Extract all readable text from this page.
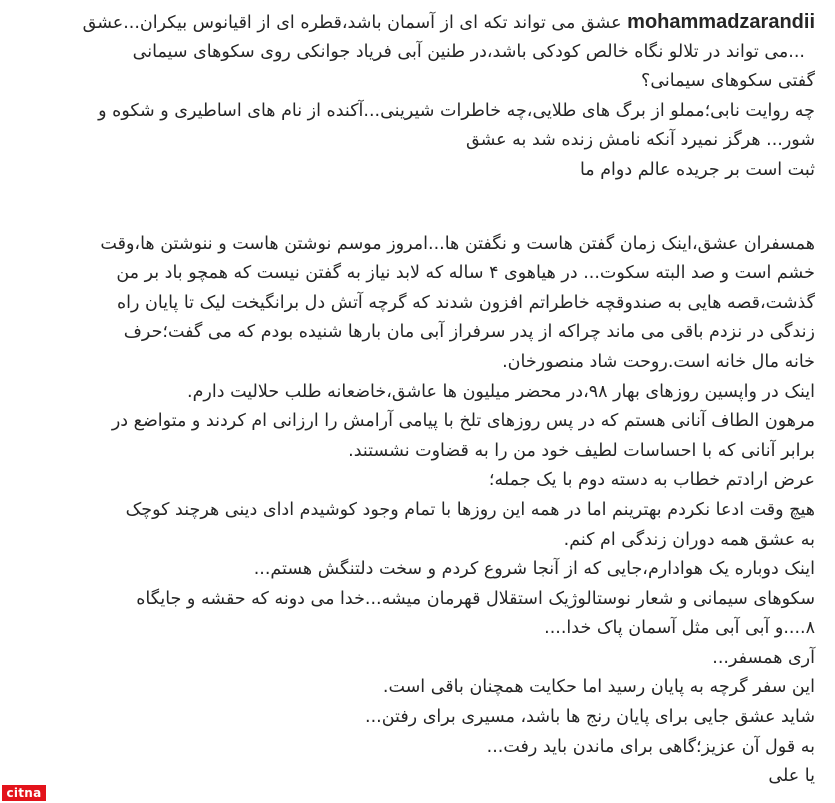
mohammadzarandii عشق می تواند تکه ای از آسمان باشد،قطره ای از اقیانوس بیکران...عشق
...می تواند در تلالو نگاه خالص کودکی باشد،در طنین آبی فریاد جوانکی روی سکوهای سیمانی
گفتی سکوهای سیمانی؟
چه روایت نابی؛مملو از برگ های طلایی،چه خاطرات شیرینی...آکنده از نام های اساطیری و شکوه و
شور... هرگز نمیرد آنکه نامش زنده شد به عشق
ثبت است بر جریده عالم دوام ما
همسفران عشق،اینک زمان گفتن هاست و نگفتن ها...امروز موسم نوشتن هاست و ننوشتن ها،وقت
خشم است و صد البته سکوت... در هیاهوی ۴ ساله که لابد نیاز به گفتن نیست که همچو باد بر من
گذشت،قصه هایی به صندوقچه خاطراتم افزون شدند که گرچه آتش دل برانگیخت لیک تا پایان راه
زندگی در نزدم باقی می ماند چراکه از پدر سرفراز آبی مان بارها شنیده بودم که می گفت؛حرف
خانه مال خانه است.روحت شاد منصورخان.
اینک در واپسین روزهای بهار ۹۸،در محضر میلیون ها عاشق،خاضعانه طلب حلالیت دارم.
مرهون الطاف آنانی هستم که در پس روزهای تلخ با پیامی آرامش را ارزانی ام کردند و متواضع در
برابر آنانی که با احساسات لطیف خود من را به قضاوت نشستند.
عرض ارادتم خطاب به دسته دوم با یک جمله؛
هیچ وقت ادعا نکردم بهترینم اما در همه این روزها با تمام وجود کوشیدم ادای دینی هرچند کوچک
به عشق همه دوران زندگی ام کنم.
اینک دوباره یک هوادارم،جایی که از آنجا شروع کردم و سخت دلتنگش هستم...
سکوهای سیمانی و شعار نوستالوژیک استقلال قهرمان میشه...خدا می دونه که حقشه و جایگاه
۸....و آبی آبی مثل آسمان پاک خدا....
آری همسفر...
این سفر گرچه به پایان رسید اما حکایت همچنان باقی است.
شاید عشق جایی برای پایان رنج ها باشد، مسیری برای رفتن...
به قول آن عزیز؛گاهی برای ماندن باید رفت...
یا علی
citna
